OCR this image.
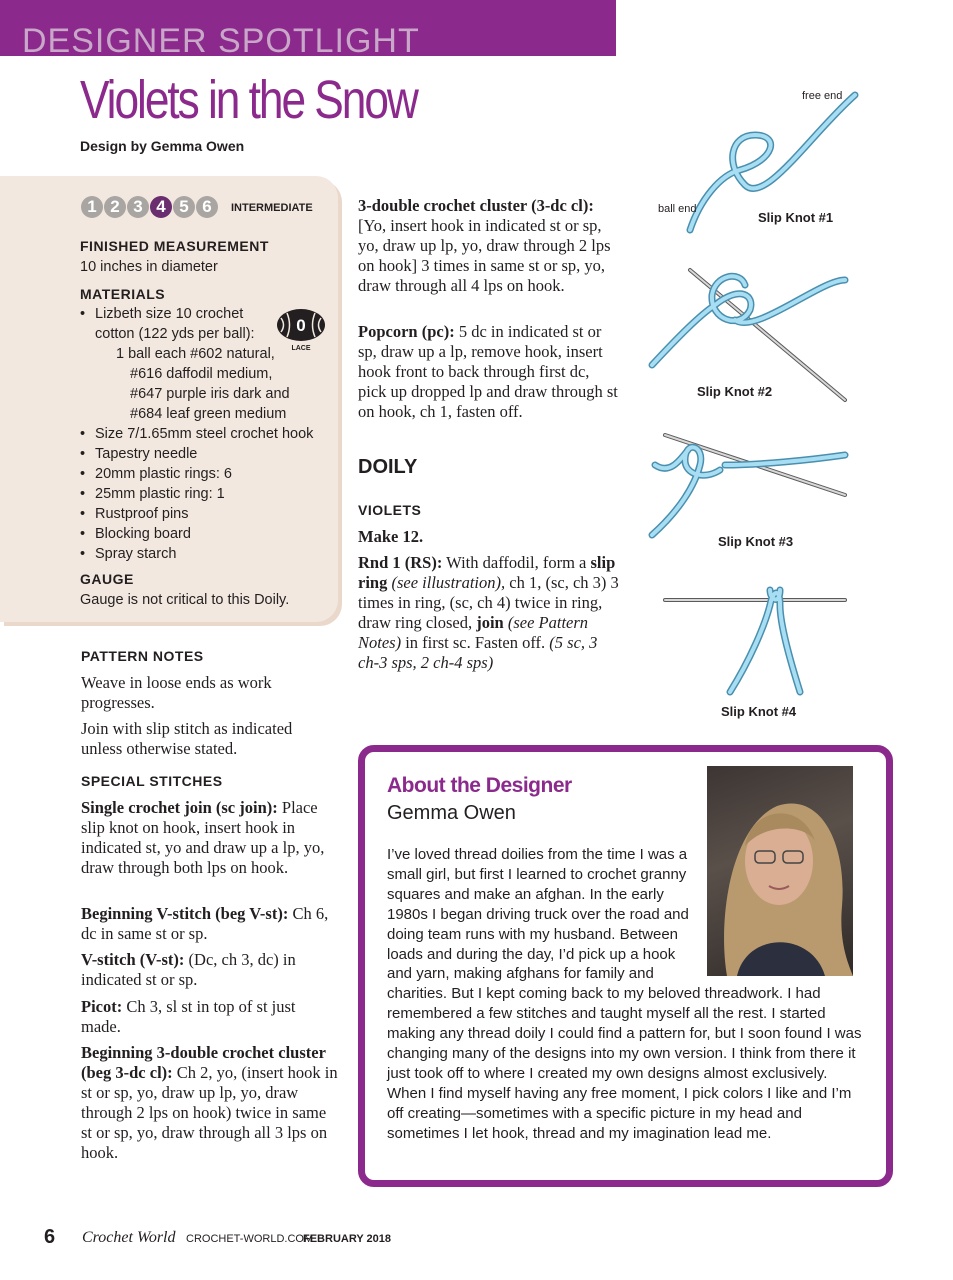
DESIGNER SPOTLIGHT
Violets in the Snow
Design by Gemma Owen
1 2 3 4 5 6	INTERMEDIATE
FINISHED MEASUREMENT
10 inches in diameter
MATERIALS
• Lizbeth size 10 crochet
cotton (122 yds per ball):
1 ball each #602 natural,
#616 daffodil medium,
#647 purple iris dark and
#684 leaf green medium
• Size 7/1.65mm steel crochet hook
• Tapestry needle
• 20mm plastic rings: 6
• 25mm plastic ring: 1
• Rustproof pins
• Blocking board
• Spray starch
0
LACE
GAUGE
Gauge is not critical to this Doily.
PATTERN NOTES

Weave in loose ends as work progresses.

Join with slip stitch as indicated unless otherwise stated.

SPECIAL STITCHES

Single crochet join (sc join): Place slip knot on hook, insert hook in indicated st, yo and draw up a lp, yo, draw through both lps on hook.

Beginning V-stitch (beg V-st): Ch 6, dc in same st or sp.

V-stitch (V-st): (Dc, ch 3, dc) in indicated st or sp.

Picot: Ch 3, sl st in top of st just made.

Beginning 3-double crochet cluster (beg 3-dc cl): Ch 2, yo, (insert hook in st or sp, yo, draw up lp, yo, draw through 2 lps on hook) twice in same st or sp, yo, draw through all 3 lps on hook.

3-double crochet cluster (3-dc cl): [Yo, insert hook in indicated st or sp, yo, draw up lp, yo, draw through 2 lps on hook] 3 times in same st or sp, yo, draw through all 4 lps on hook.

Popcorn (pc): 5 dc in indicated st or sp, draw up a lp, remove hook, insert hook front to back through first dc, pick up dropped lp and draw through st on hook, ch 1, fasten off.

DOILY
VIOLETS

Make 12.

Rnd 1 (RS): With daffodil, form a slip ring (see illustration), ch 1, (sc, ch 3) 3 times in ring, (sc, ch 4) twice in ring, draw ring closed, join (see Pattern Notes) in first sc. Fasten off. (5 sc, 3 ch-3 sps, 2 ch-4 sps)

free end
ball end
Slip Knot #1
Slip Knot #2
Slip Knot #3
Slip Knot #4
About the Designer
Gemma Owen

I’ve loved thread doilies from the time I was a small girl, but first I learned to crochet granny squares and make an afghan. In the early 1980s I began driving truck over the road and doing team runs with my husband. Between loads and during the day, I’d pick up a hook and yarn, making afghans for family and charities. But I kept coming back to my beloved threadwork. I had remembered a few stitches and taught myself all the rest. I started making any thread doily I could find a pattern for, but I soon found I was changing many of the designs into my own version. I think from there it just took off to where I created my own designs almost exclusively. When I find myself having any free moment, I pick colors I like and I’m off creating—sometimes with a specific picture in my head and sometimes I let hook, thread and my imagination lead me.

6 Crochet World CROCHET-WORLD.COM
FEBRUARY 2018
